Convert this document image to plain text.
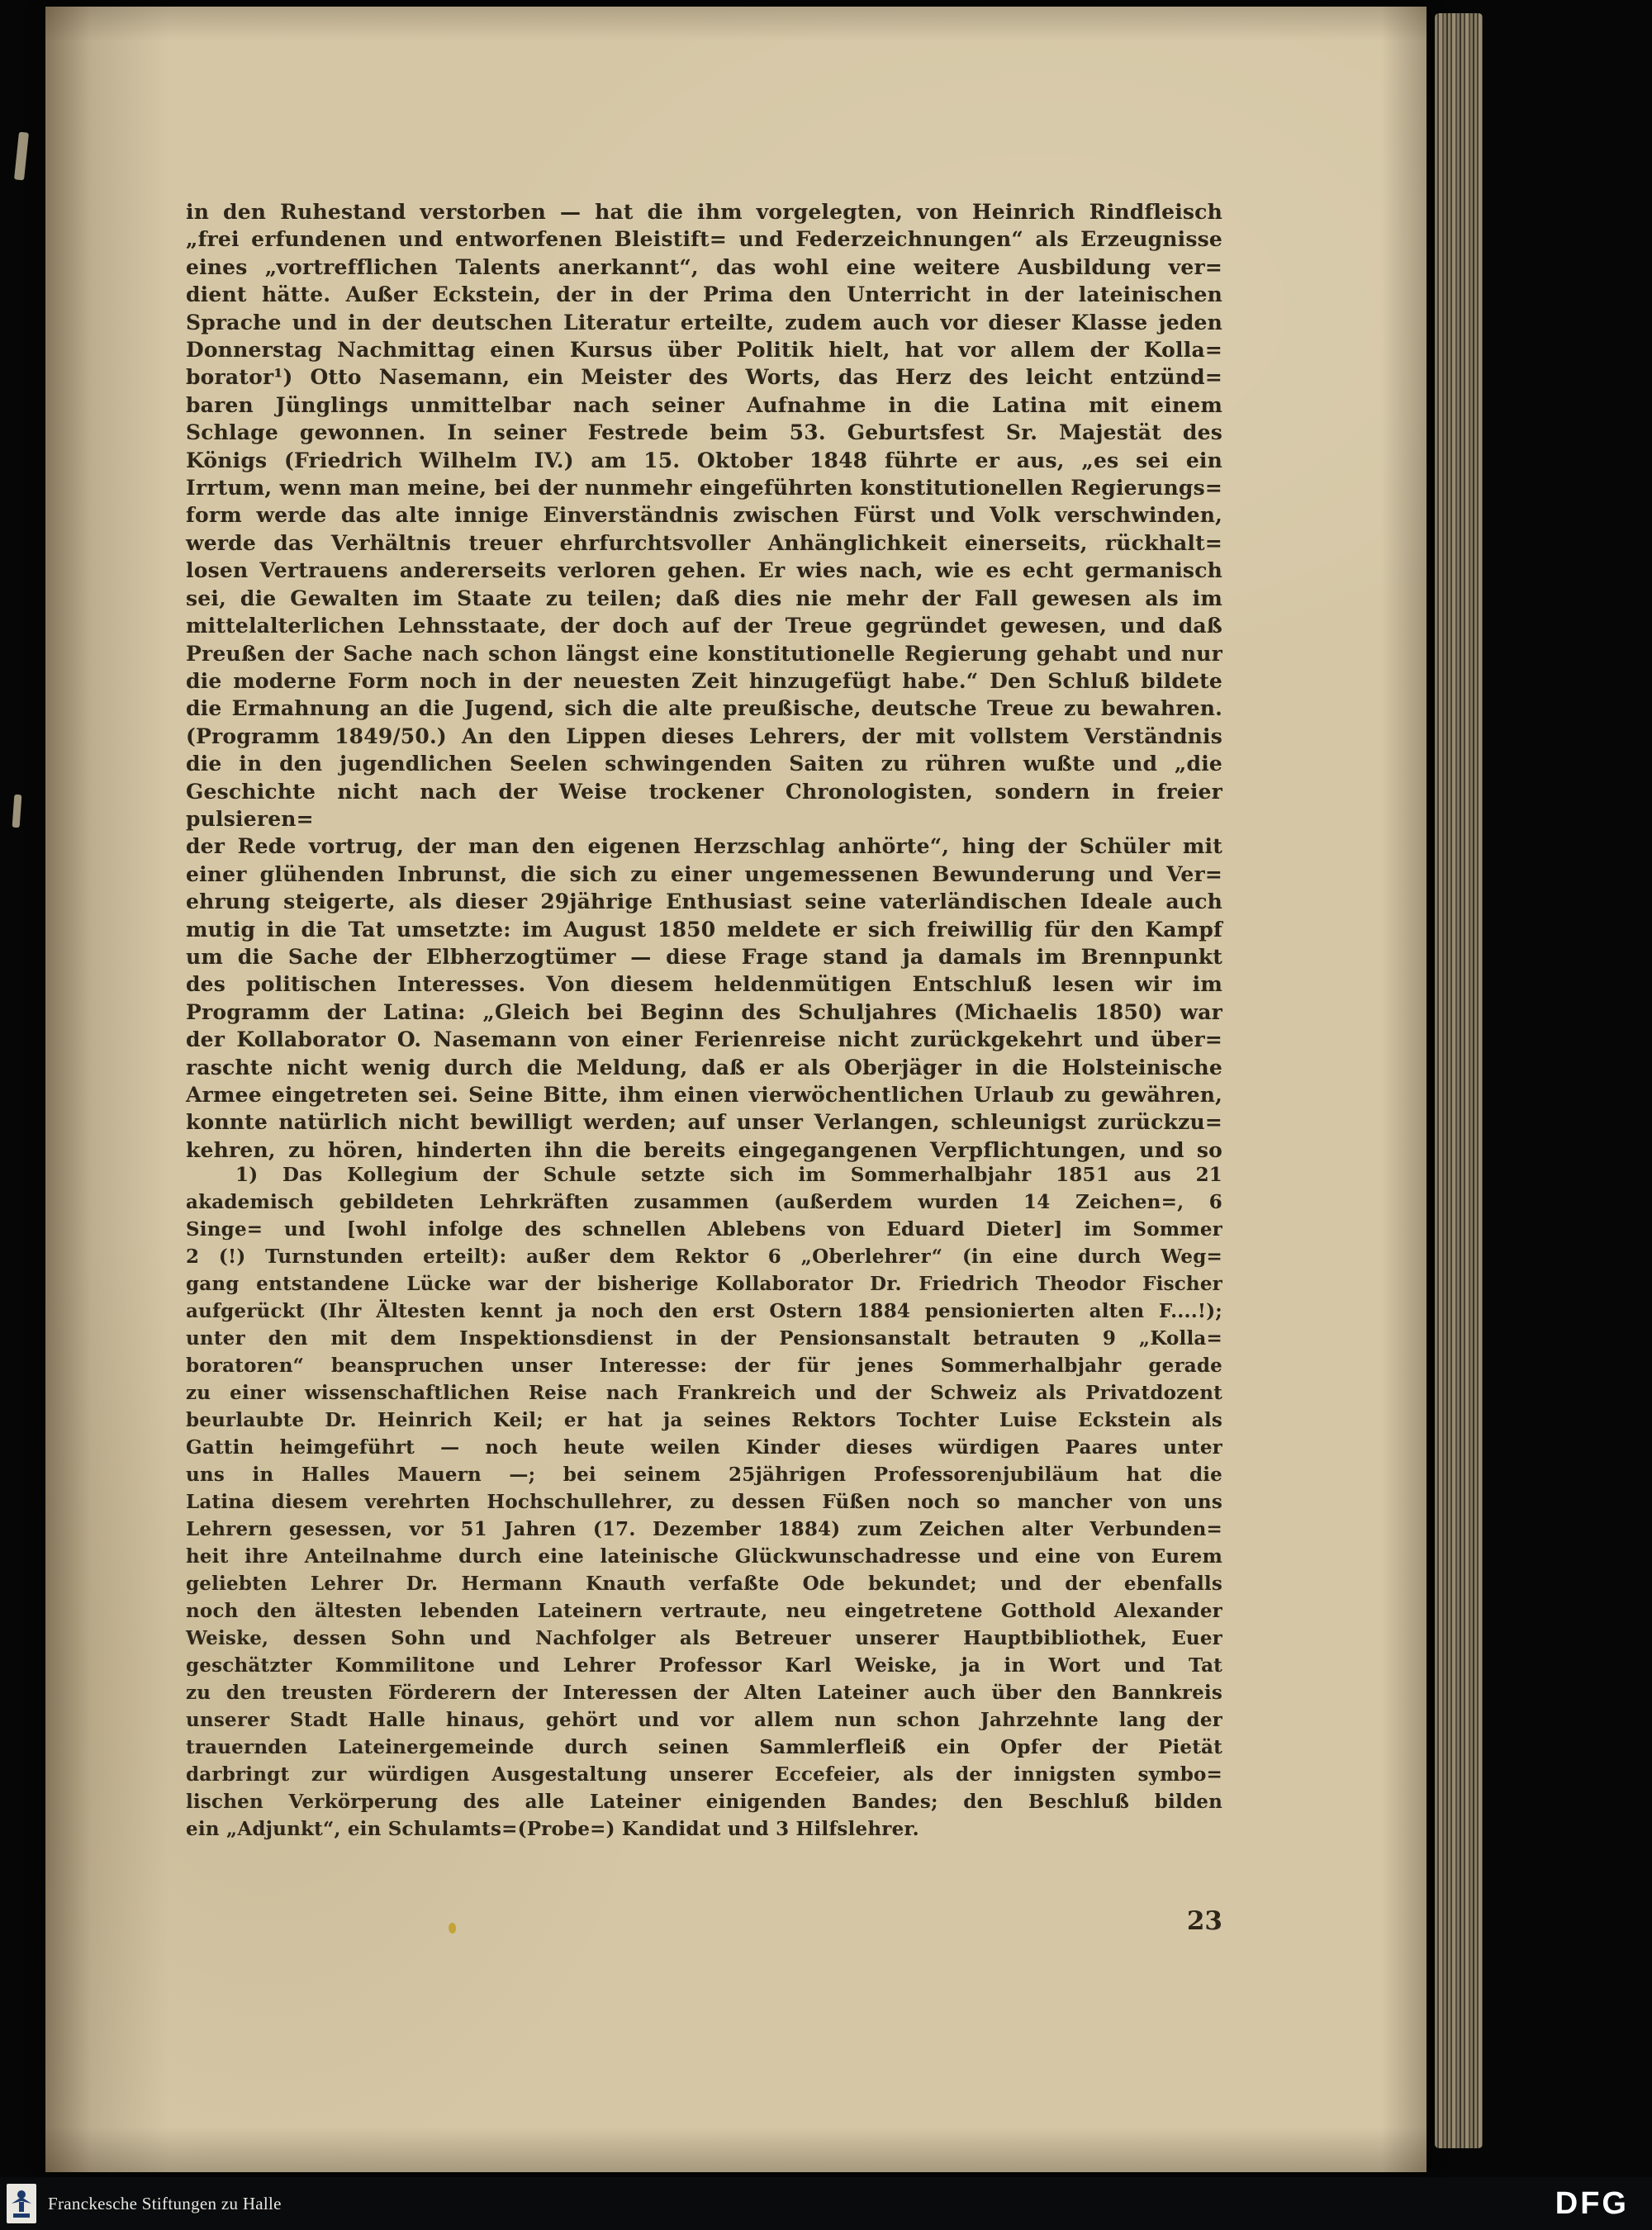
in den Ruhestand verstorben — hat die ihm vorgelegten, von Heinrich Rindfleisch
„frei erfundenen und entworfenen Bleistift= und Federzeichnungen“ als Erzeugnisse
eines „vortrefflichen Talents anerkannt“, das wohl eine weitere Ausbildung ver=
dient hätte. Außer Eckstein, der in der Prima den Unterricht in der lateinischen
Sprache und in der deutschen Literatur erteilte, zudem auch vor dieser Klasse jeden
Donnerstag Nachmittag einen Kursus über Politik hielt, hat vor allem der Kolla=
borator¹) Otto Nasemann, ein Meister des Worts, das Herz des leicht entzünd=
baren Jünglings unmittelbar nach seiner Aufnahme in die Latina mit einem
Schlage gewonnen. In seiner Festrede beim 53. Geburtsfest Sr. Majestät des
Königs (Friedrich Wilhelm IV.) am 15. Oktober 1848 führte er aus, „es sei ein
Irrtum, wenn man meine, bei der nunmehr eingeführten konstitutionellen Regierungs=
form werde das alte innige Einverständnis zwischen Fürst und Volk verschwinden,
werde das Verhältnis treuer ehrfurchtsvoller Anhänglichkeit einerseits, rückhalt=
losen Vertrauens andererseits verloren gehen. Er wies nach, wie es echt germanisch
sei, die Gewalten im Staate zu teilen; daß dies nie mehr der Fall gewesen als im
mittelalterlichen Lehnsstaate, der doch auf der Treue gegründet gewesen, und daß
Preußen der Sache nach schon längst eine konstitutionelle Regierung gehabt und nur
die moderne Form noch in der neuesten Zeit hinzugefügt habe.“ Den Schluß bildete
die Ermahnung an die Jugend, sich die alte preußische, deutsche Treue zu bewahren.
(Programm 1849/50.) An den Lippen dieses Lehrers, der mit vollstem Verständnis
die in den jugendlichen Seelen schwingenden Saiten zu rühren wußte und „die
Geschichte nicht nach der Weise trockener Chronologisten, sondern in freier pulsieren=
der Rede vortrug, der man den eigenen Herzschlag anhörte“, hing der Schüler mit
einer glühenden Inbrunst, die sich zu einer ungemessenen Bewunderung und Ver=
ehrung steigerte, als dieser 29jährige Enthusiast seine vaterländischen Ideale auch
mutig in die Tat umsetzte: im August 1850 meldete er sich freiwillig für den Kampf
um die Sache der Elbherzogtümer — diese Frage stand ja damals im Brennpunkt
des politischen Interesses. Von diesem heldenmütigen Entschluß lesen wir im
Programm der Latina: „Gleich bei Beginn des Schuljahres (Michaelis 1850) war
der Kollaborator O. Nasemann von einer Ferienreise nicht zurückgekehrt und über=
raschte nicht wenig durch die Meldung, daß er als Oberjäger in die Holsteinische
Armee eingetreten sei. Seine Bitte, ihm einen vierwöchentlichen Urlaub zu gewähren,
konnte natürlich nicht bewilligt werden; auf unser Verlangen, schleunigst zurückzu=
kehren, zu hören, hinderten ihn die bereits eingegangenen Verpflichtungen, und so
1) Das Kollegium der Schule setzte sich im Sommerhalbjahr 1851 aus 21
akademisch gebildeten Lehrkräften zusammen (außerdem wurden 14 Zeichen=, 6
Singe= und [wohl infolge des schnellen Ablebens von Eduard Dieter] im Sommer
2 (!) Turnstunden erteilt): außer dem Rektor 6 „Oberlehrer“ (in eine durch Weg=
gang entstandene Lücke war der bisherige Kollaborator Dr. Friedrich Theodor Fischer
aufgerückt (Ihr Ältesten kennt ja noch den erst Ostern 1884 pensionierten alten F....!);
unter den mit dem Inspektionsdienst in der Pensionsanstalt betrauten 9 „Kolla=
boratoren“ beanspruchen unser Interesse: der für jenes Sommerhalbjahr gerade
zu einer wissenschaftlichen Reise nach Frankreich und der Schweiz als Privatdozent
beurlaubte Dr. Heinrich Keil; er hat ja seines Rektors Tochter Luise Eckstein als
Gattin heimgeführt — noch heute weilen Kinder dieses würdigen Paares unter
uns in Halles Mauern —; bei seinem 25jährigen Professorenjubiläum hat die
Latina diesem verehrten Hochschullehrer, zu dessen Füßen noch so mancher von uns
Lehrern gesessen, vor 51 Jahren (17. Dezember 1884) zum Zeichen alter Verbunden=
heit ihre Anteilnahme durch eine lateinische Glückwunschadresse und eine von Eurem
geliebten Lehrer Dr. Hermann Knauth verfaßte Ode bekundet; und der ebenfalls
noch den ältesten lebenden Lateinern vertraute, neu eingetretene Gotthold Alexander
Weiske, dessen Sohn und Nachfolger als Betreuer unserer Hauptbibliothek, Euer
geschätzter Kommilitone und Lehrer Professor Karl Weiske, ja in Wort und Tat
zu den treusten Förderern der Interessen der Alten Lateiner auch über den Bannkreis
unserer Stadt Halle hinaus, gehört und vor allem nun schon Jahrzehnte lang der
trauernden Lateinergemeinde durch seinen Sammlerfleiß ein Opfer der Pietät
darbringt zur würdigen Ausgestaltung unserer Eccefeier, als der innigsten symbo=
lischen Verkörperung des alle Lateiner einigenden Bandes; den Beschluß bilden
ein „Adjunkt“, ein Schulamts=(Probe=) Kandidat und 3 Hilfslehrer.
23
Franckesche Stiftungen zu Halle	DFG
